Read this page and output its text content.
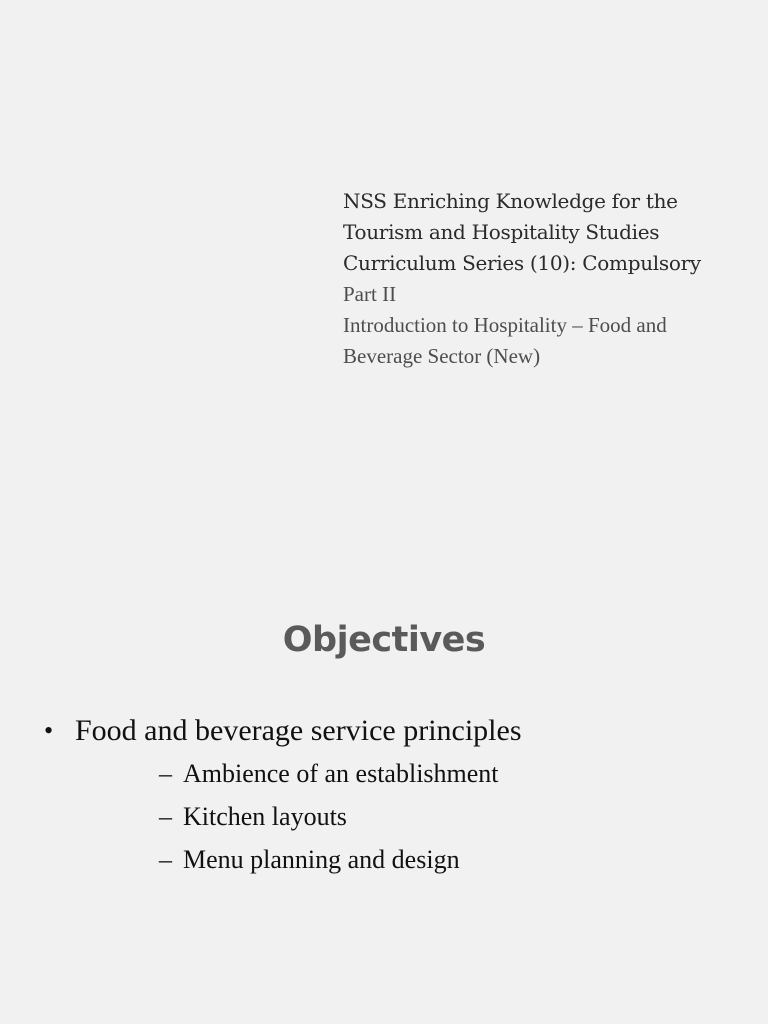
NSS Enriching Knowledge for the
Tourism and Hospitality Studies
Curriculum Series (10): Compulsory
Part II
Introduction to Hospitality – Food and
Beverage Sector (New)
Objectives
• Food and beverage service principles
– Ambience of an establishment
– Kitchen layouts
– Menu planning and design
